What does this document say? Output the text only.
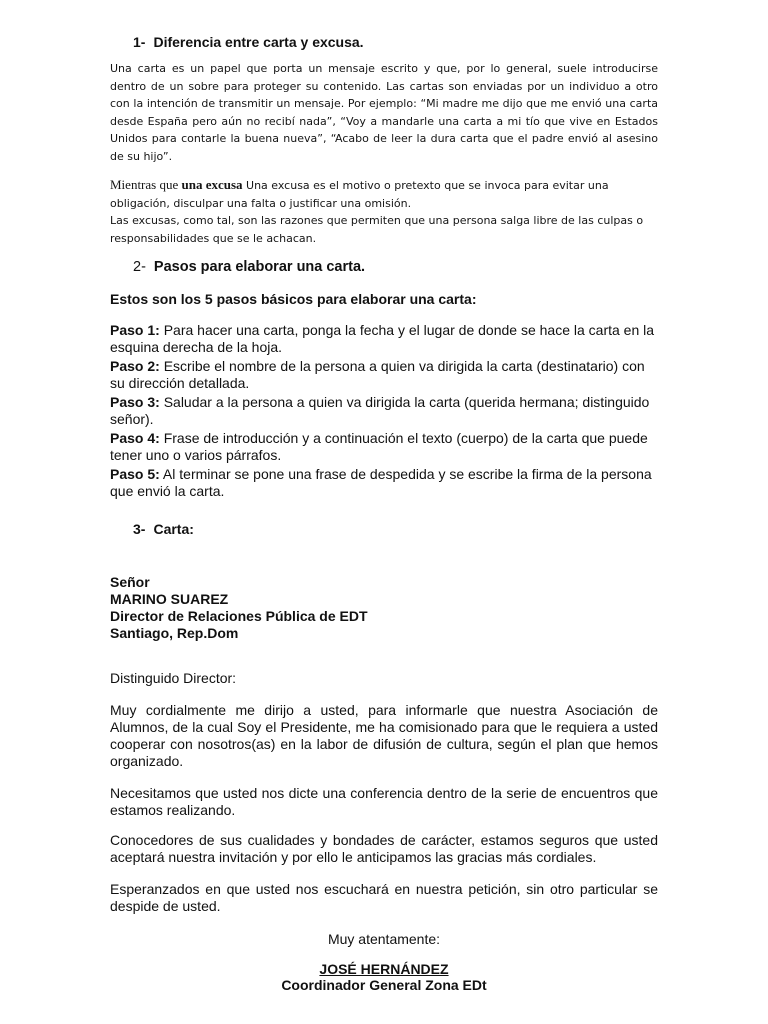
1- Diferencia entre carta y excusa.
Una carta es un papel que porta un mensaje escrito y que, por lo general, suele introducirse dentro de un sobre para proteger su contenido. Las cartas son enviadas por un individuo a otro con la intención de transmitir un mensaje. Por ejemplo: “Mi madre me dijo que me envió una carta desde España pero aún no recibí nada”, “Voy a mandarle una carta a mi tío que vive en Estados Unidos para contarle la buena nueva”, “Acabo de leer la dura carta que el padre envió al asesino de su hijo”.
Mientras que una excusa Una excusa es el motivo o pretexto que se invoca para evitar una obligación, disculpar una falta o justificar una omisión.
Las excusas, como tal, son las razones que permiten que una persona salga libre de las culpas o responsabilidades que se le achacan.
2- Pasos para elaborar una carta.
Estos son los 5 pasos básicos para elaborar una carta:
Paso 1: Para hacer una carta, ponga la fecha y el lugar de donde se hace la carta en la esquina derecha de la hoja.
Paso 2: Escribe el nombre de la persona a quien va dirigida la carta (destinatario) con su dirección detallada.
Paso 3: Saludar a la persona a quien va dirigida la carta (querida hermana; distinguido señor).
Paso 4: Frase de introducción y a continuación el texto (cuerpo) de la carta que puede tener uno o varios párrafos.
Paso 5: Al terminar se pone una frase de despedida y se escribe la firma de la persona que envió la carta.
3- Carta:
Señor
MARINO SUAREZ
Director de Relaciones Pública de EDT
Santiago, Rep.Dom
Distinguido Director:
Muy cordialmente me dirijo a usted, para informarle que nuestra Asociación de Alumnos, de la cual Soy el Presidente, me ha comisionado para que le requiera a usted cooperar con nosotros(as) en la labor de difusión de cultura, según el plan que hemos organizado.
Necesitamos que usted nos dicte una conferencia dentro de la serie de encuentros que estamos realizando.
Conocedores de sus cualidades y bondades de carácter, estamos seguros que usted aceptará nuestra invitación y por ello le anticipamos las gracias más cordiales.
Esperanzados en que usted nos escuchará en nuestra petición, sin otro particular se despide de usted.
Muy atentamente:
JOSÉ HERNÁNDEZ
Coordinador General Zona EDt
